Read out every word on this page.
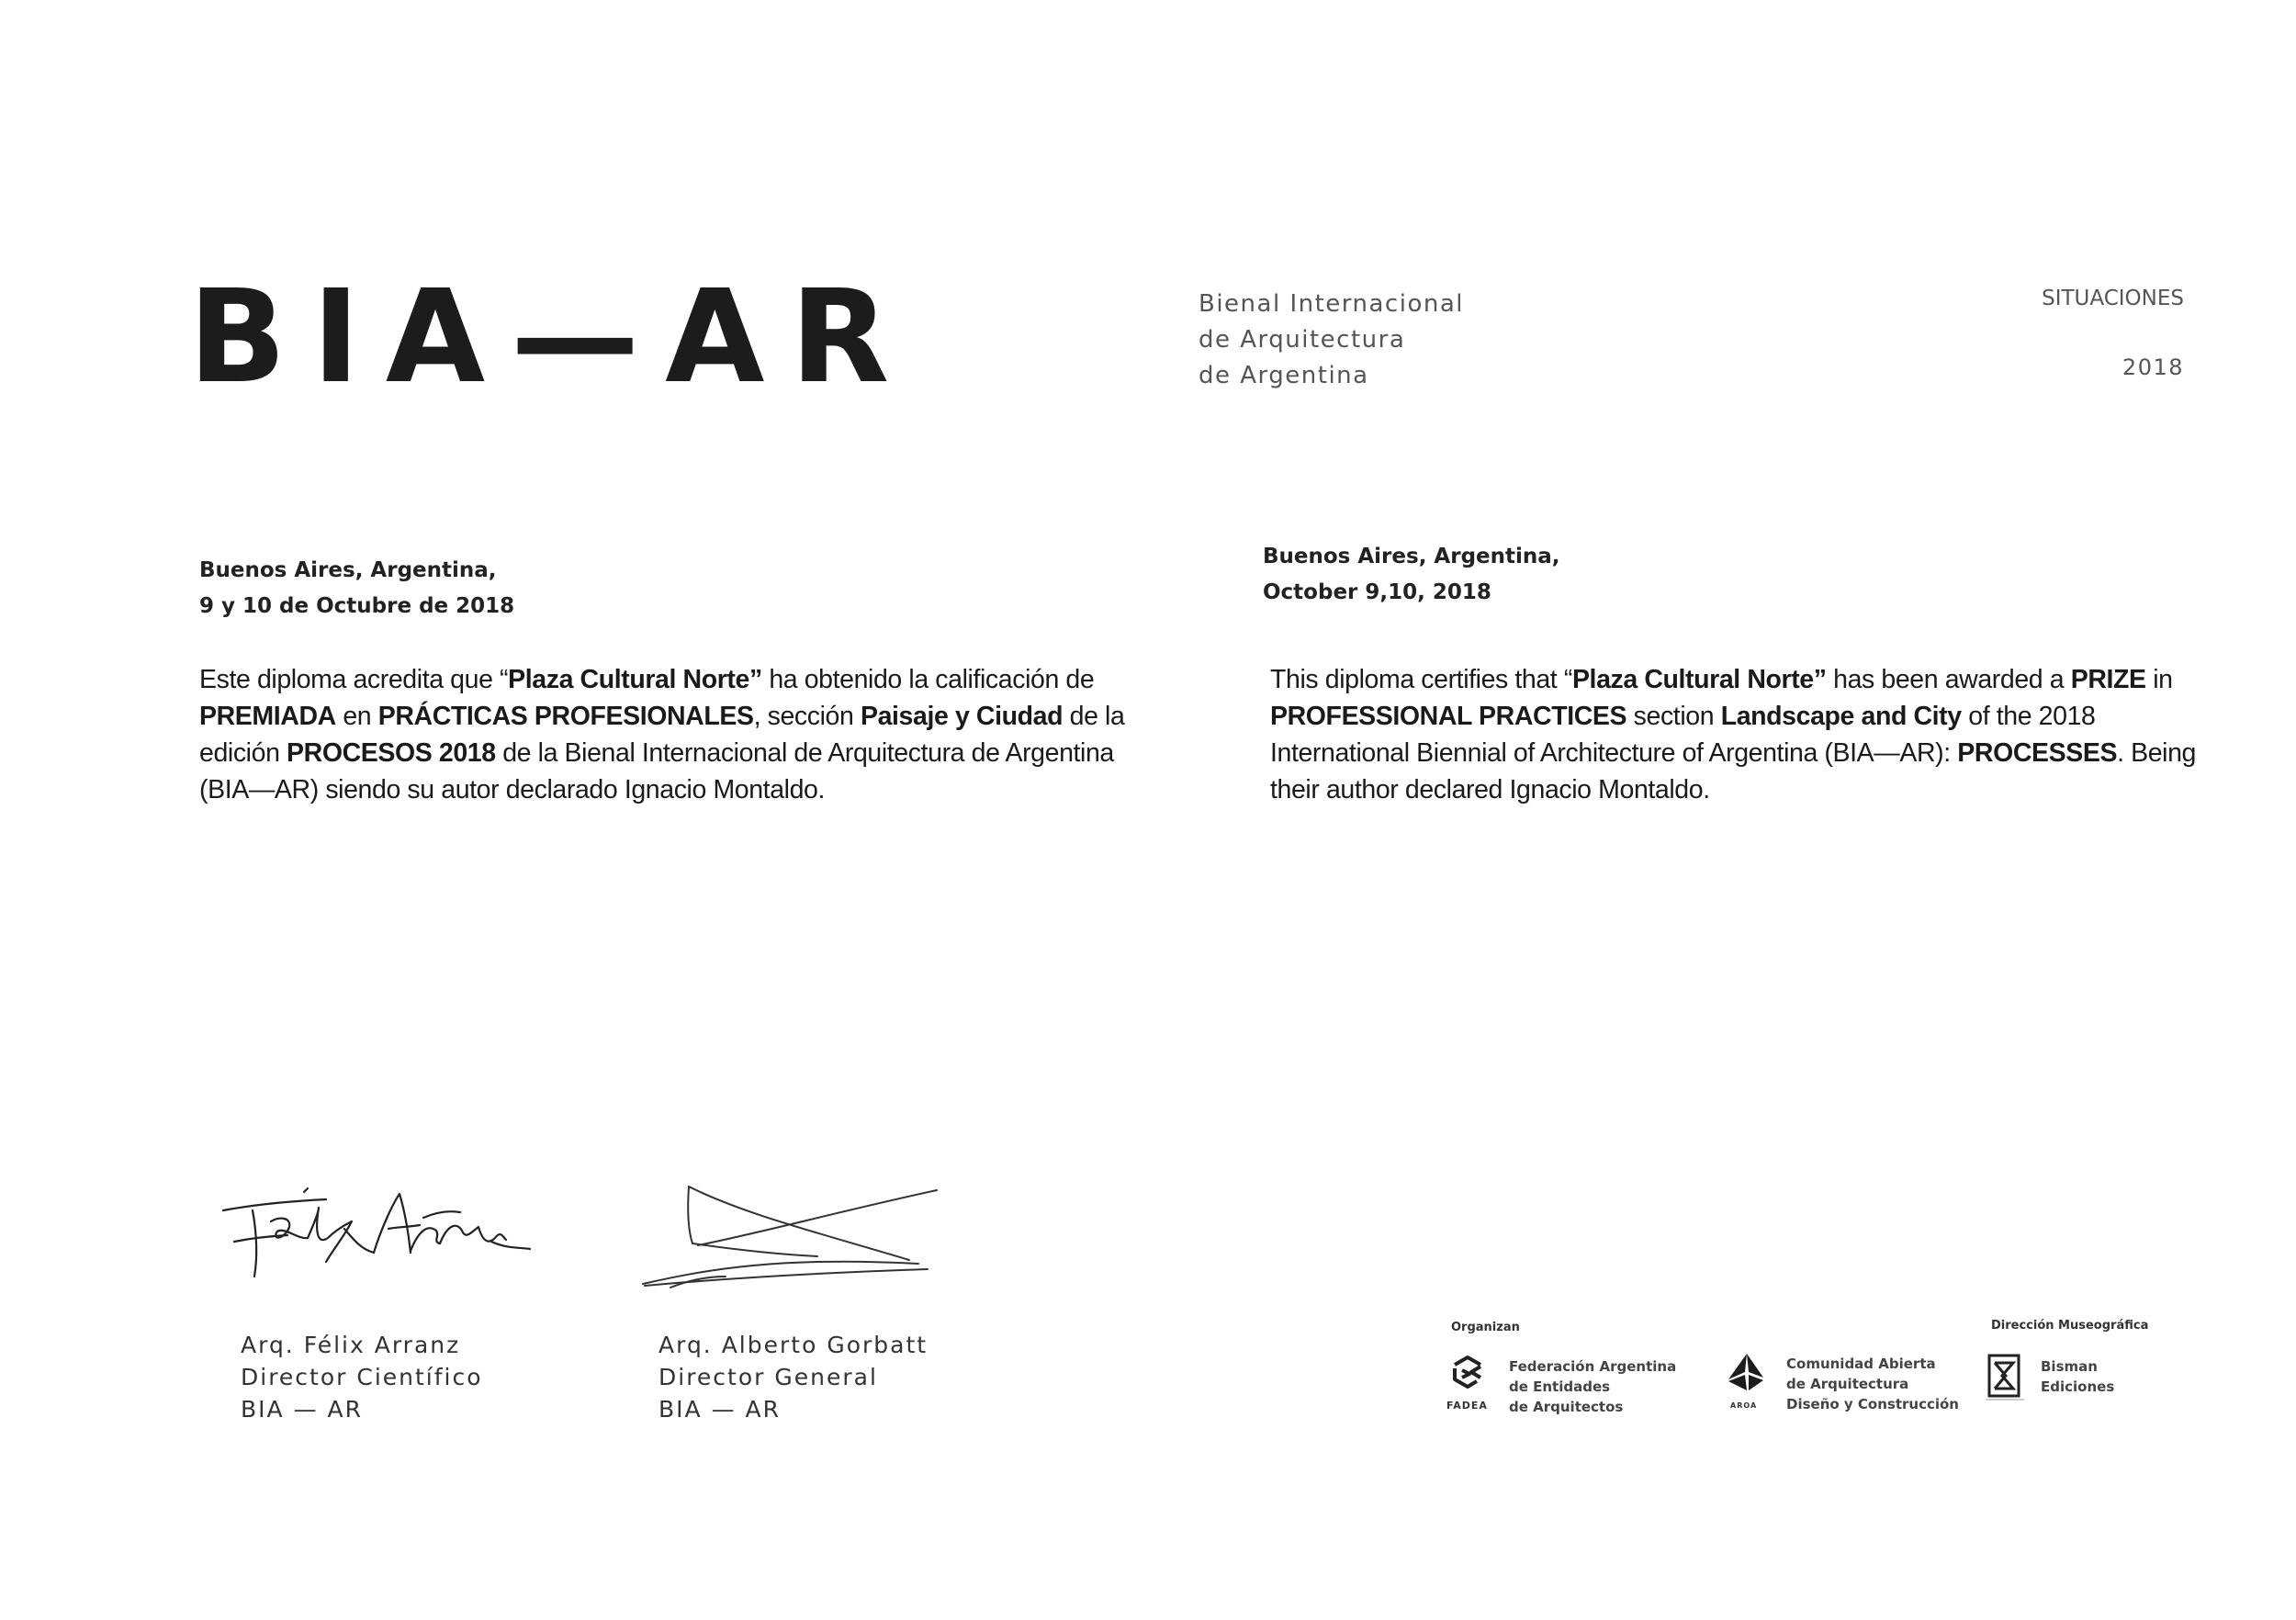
BIA—AR	Bienal Internacional
de Arquitectura
de Argentina
SITUACIONES
2018
Buenos Aires, Argentina,
9 y 10 de Octubre de 2018
Buenos Aires, Argentina,
October 9,10, 2018
Este diploma acredita que “Plaza Cultural Norte” ha obtenido la calificación de PREMIADA en PRÁCTICAS PROFESIONALES, sección Paisaje y Ciudad de la edición PROCESOS 2018 de la Bienal Internacional de Arquitectura de Argentina (BIA—AR) siendo su autor declarado Ignacio Montaldo.
This diploma certifies that “Plaza Cultural Norte” has been awarded a PRIZE in PROFESSIONAL PRACTICES section Landscape and City of the 2018 International Biennial of Architecture of Argentina (BIA—AR): PROCESSES. Being their author declared Ignacio Montaldo.
Arq. Félix Arranz
Director Científico
BIA — AR
Arq. Alberto Gorbatt
Director General
BIA — AR
Organizan	Dirección Museográfica
FADEA
Federación Argentina
de Entidades
de Arquitectos	AROA
Comunidad Abierta
de Arquitectura
Diseño y Construcción
Bisman
Ediciones
